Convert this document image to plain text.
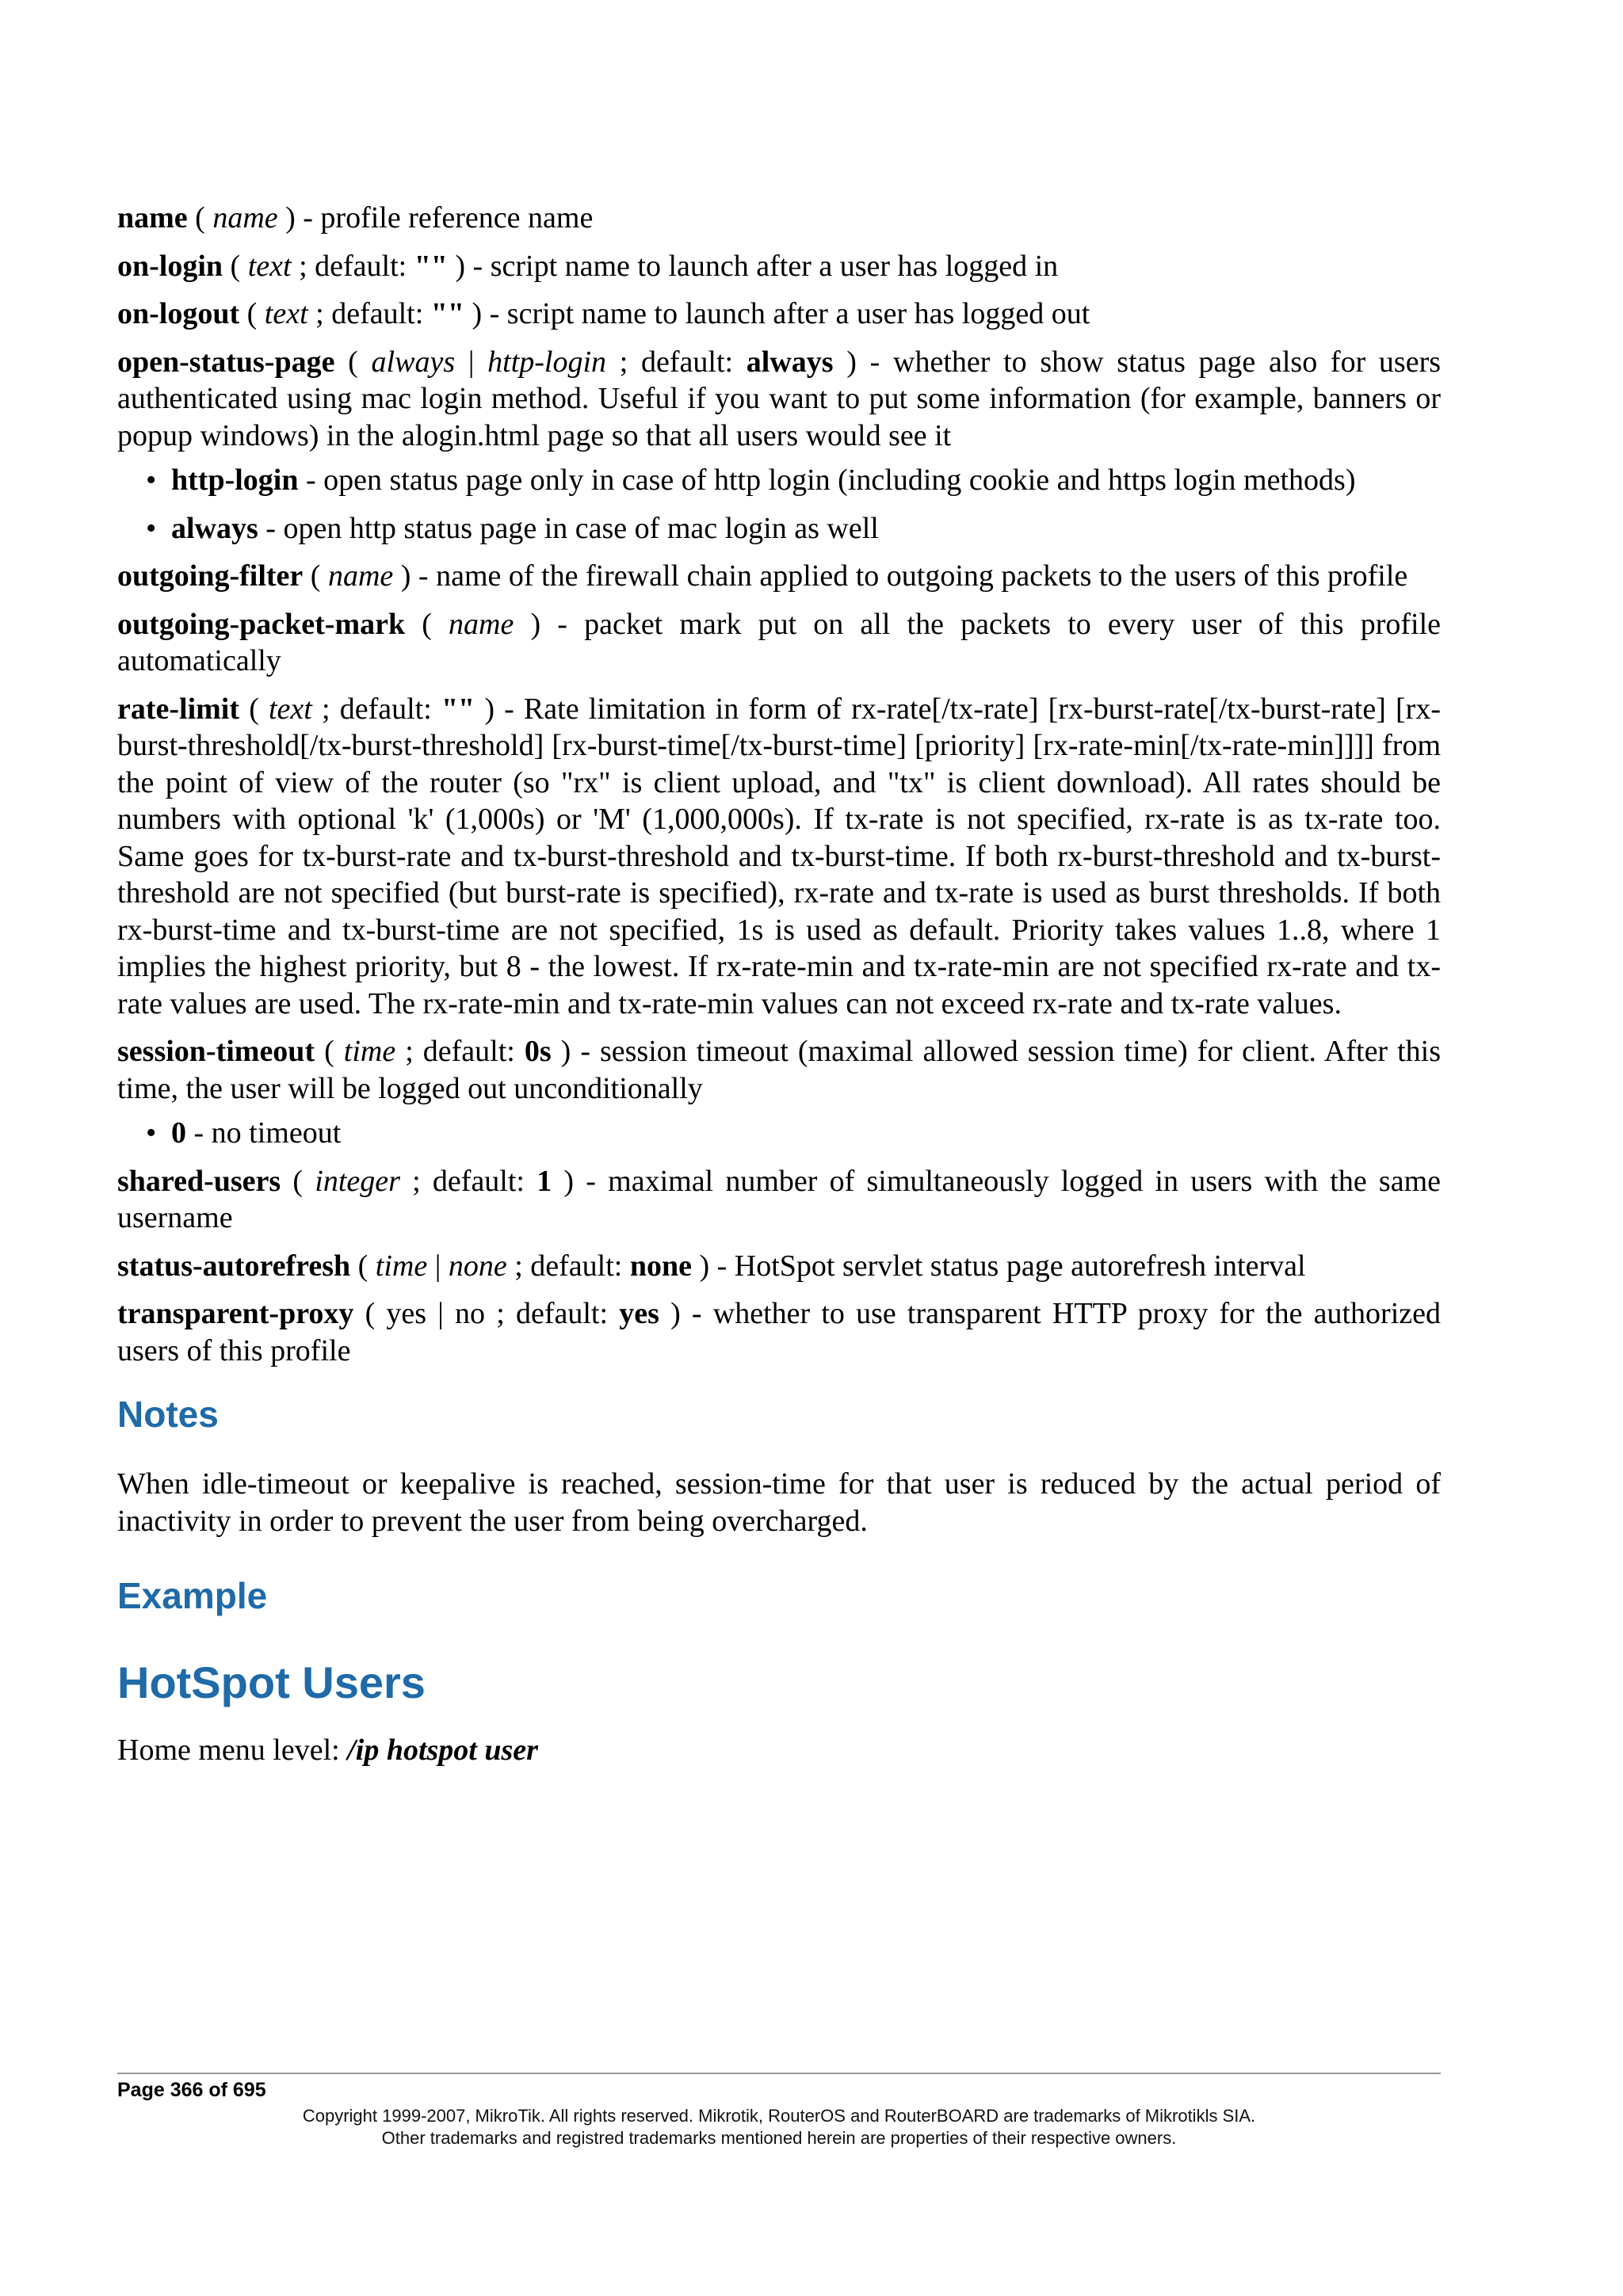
name ( name ) - profile reference name

on-login ( text ; default: "" ) - script name to launch after a user has logged in

on-logout ( text ; default: "" ) - script name to launch after a user has logged out

open-status-page ( always | http-login ; default: always ) - whether to show status page also for users authenticated using mac login method. Useful if you want to put some information (for example, banners or popup windows) in the alogin.html page so that all users would see it

• http-login - open status page only in case of http login (including cookie and https login methods)
• always - open http status page in case of mac login as well

outgoing-filter ( name ) - name of the firewall chain applied to outgoing packets to the users of this profile

outgoing-packet-mark ( name ) - packet mark put on all the packets to every user of this profile automatically

rate-limit ( text ; default: "" ) - Rate limitation in form of rx-rate[/tx-rate] [rx-burst-rate[/tx-burst-rate] [rx-burst-threshold[/tx-burst-threshold] [rx-burst-time[/tx-burst-time] [priority] [rx-rate-min[/tx-rate-min]]]] from the point of view of the router (so "rx" is client upload, and "tx" is client download). All rates should be numbers with optional 'k' (1,000s) or 'M' (1,000,000s). If tx-rate is not specified, rx-rate is as tx-rate too. Same goes for tx-burst-rate and tx-burst-threshold and tx-burst-time. If both rx-burst-threshold and tx-burst-threshold are not specified (but burst-rate is specified), rx-rate and tx-rate is used as burst thresholds. If both rx-burst-time and tx-burst-time are not specified, 1s is used as default. Priority takes values 1..8, where 1 implies the highest priority, but 8 - the lowest. If rx-rate-min and tx-rate-min are not specified rx-rate and tx-rate values are used. The rx-rate-min and tx-rate-min values can not exceed rx-rate and tx-rate values.

session-timeout ( time ; default: 0s ) - session timeout (maximal allowed session time) for client. After this time, the user will be logged out unconditionally

• 0 - no timeout

shared-users ( integer ; default: 1 ) - maximal number of simultaneously logged in users with the same username

status-autorefresh ( time | none ; default: none ) - HotSpot servlet status page autorefresh interval

transparent-proxy ( yes | no ; default: yes ) - whether to use transparent HTTP proxy for the authorized users of this profile

Notes

When idle-timeout or keepalive is reached, session-time for that user is reduced by the actual period of inactivity in order to prevent the user from being overcharged.

Example
HotSpot Users

Home menu level: /ip hotspot user

Page 366 of 695
Copyright 1999-2007, MikroTik. All rights reserved. Mikrotik, RouterOS and RouterBOARD are trademarks of Mikrotikls SIA.
Other trademarks and registred trademarks mentioned herein are properties of their respective owners.
